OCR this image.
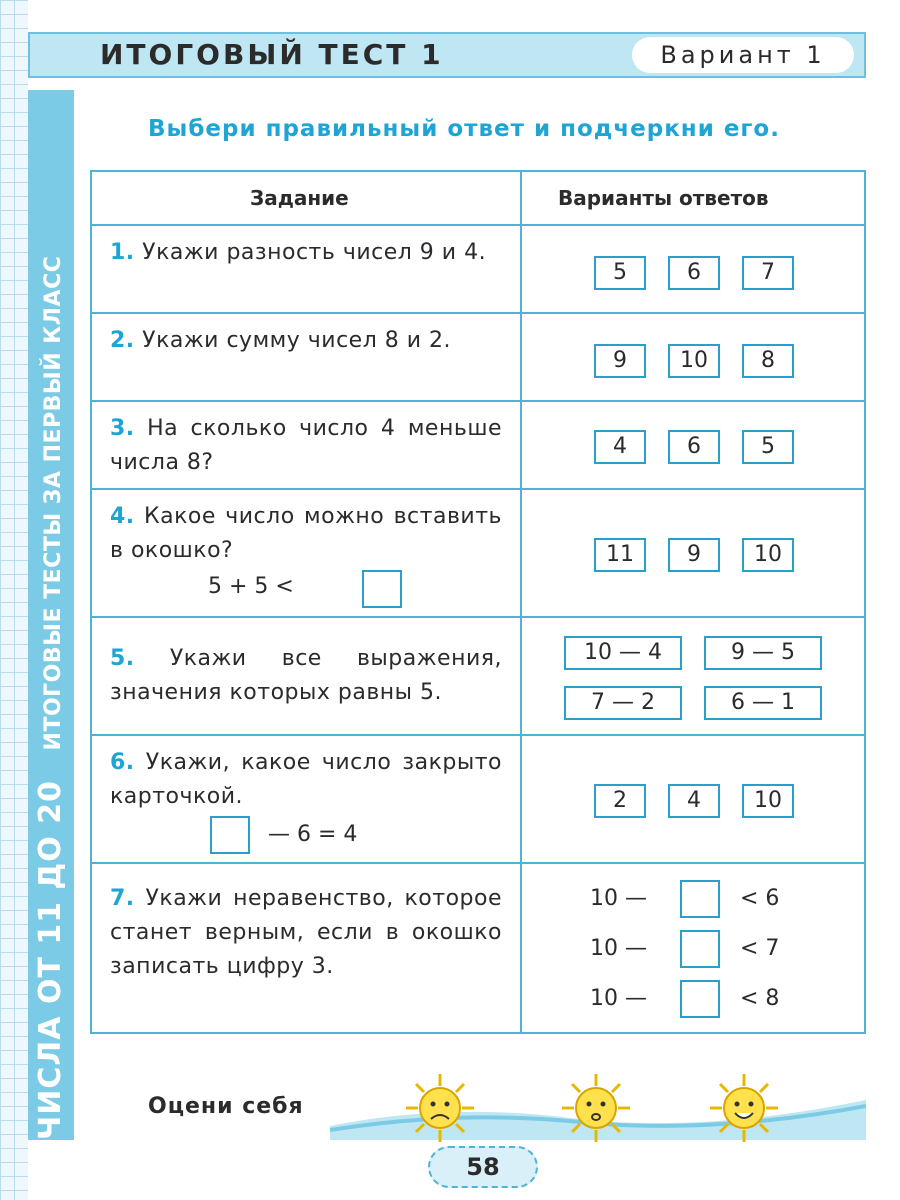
ЧИСЛА ОТ 11 ДО 20 ИТОГОВЫЕ ТЕСТЫ ЗА ПЕРВЫЙ КЛАСС
ИТОГОВЫЙ ТЕСТ 1	Вариант 1
Выбери правильный ответ и подчеркни его.
Задание	Варианты ответов
1. Укажи разность чисел 9 и 4.
5	6	7
2. Укажи сумму чисел 8 и 2.
9	10	8
3. На сколько число 4 меньше числа 8?
4	6	5
4. Какое число можно вставить в окошко?
5 + 5 <
11	9	10
5. Укажи все выражения, значения которых равны 5.
10 — 4	9 — 5
7 — 2	6 — 1
6. Укажи, какое число закрыто карточкой.
— 6 = 4
2	4	10
7. Укажи неравенство, которое станет верным, если в окошко записать цифру 3.
10 —	< 6
10 —	< 7
10 —	< 8
Оцени себя
58
